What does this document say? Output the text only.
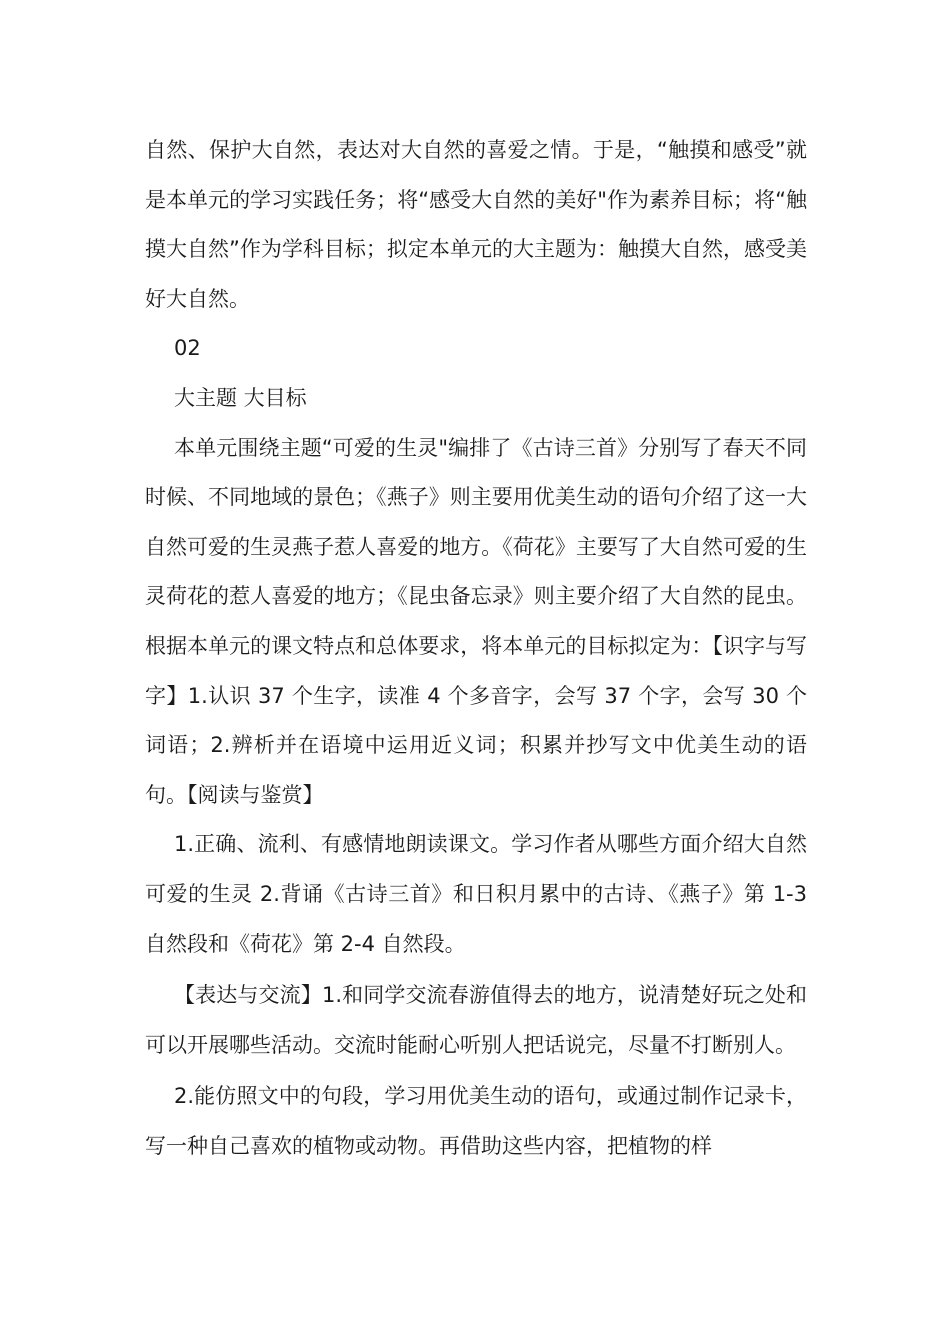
自然、保护大自然，表达对大自然的喜爱之情。于是，“触摸和感受”就是本单元的学习实践任务；将“感受大自然的美好"作为素养目标；将“触摸大自然”作为学科目标；拟定本单元的大主题为：触摸大自然，感受美好大自然。

02

大主题 大目标

本单元围绕主题“可爱的生灵"编排了《古诗三首》分别写了春天不同时候、不同地域的景色；《燕子》则主要用优美生动的语句介绍了这一大自然可爱的生灵燕子惹人喜爱的地方。《荷花》主要写了大自然可爱的生灵荷花的惹人喜爱的地方；《昆虫备忘录》则主要介绍了大自然的昆虫。根据本单元的课文特点和总体要求，将本单元的目标拟定为：【识字与写字】1.认识 37 个生字，读准 4 个多音字，会写 37 个字，会写 30 个词语；2.辨析并在语境中运用近义词；积累并抄写文中优美生动的语句。【阅读与鉴赏】

1.正确、流利、有感情地朗读课文。学习作者从哪些方面介绍大自然可爱的生灵 2.背诵《古诗三首》和日积月累中的古诗、《燕子》第 1-3 自然段和《荷花》第 2-4 自然段。

【表达与交流】1.和同学交流春游值得去的地方，说清楚好玩之处和可以开展哪些活动。交流时能耐心听别人把话说完，尽量不打断别人。

2.能仿照文中的句段，学习用优美生动的语句，或通过制作记录卡，写一种自己喜欢的植物或动物。再借助这些内容，把植物的样
